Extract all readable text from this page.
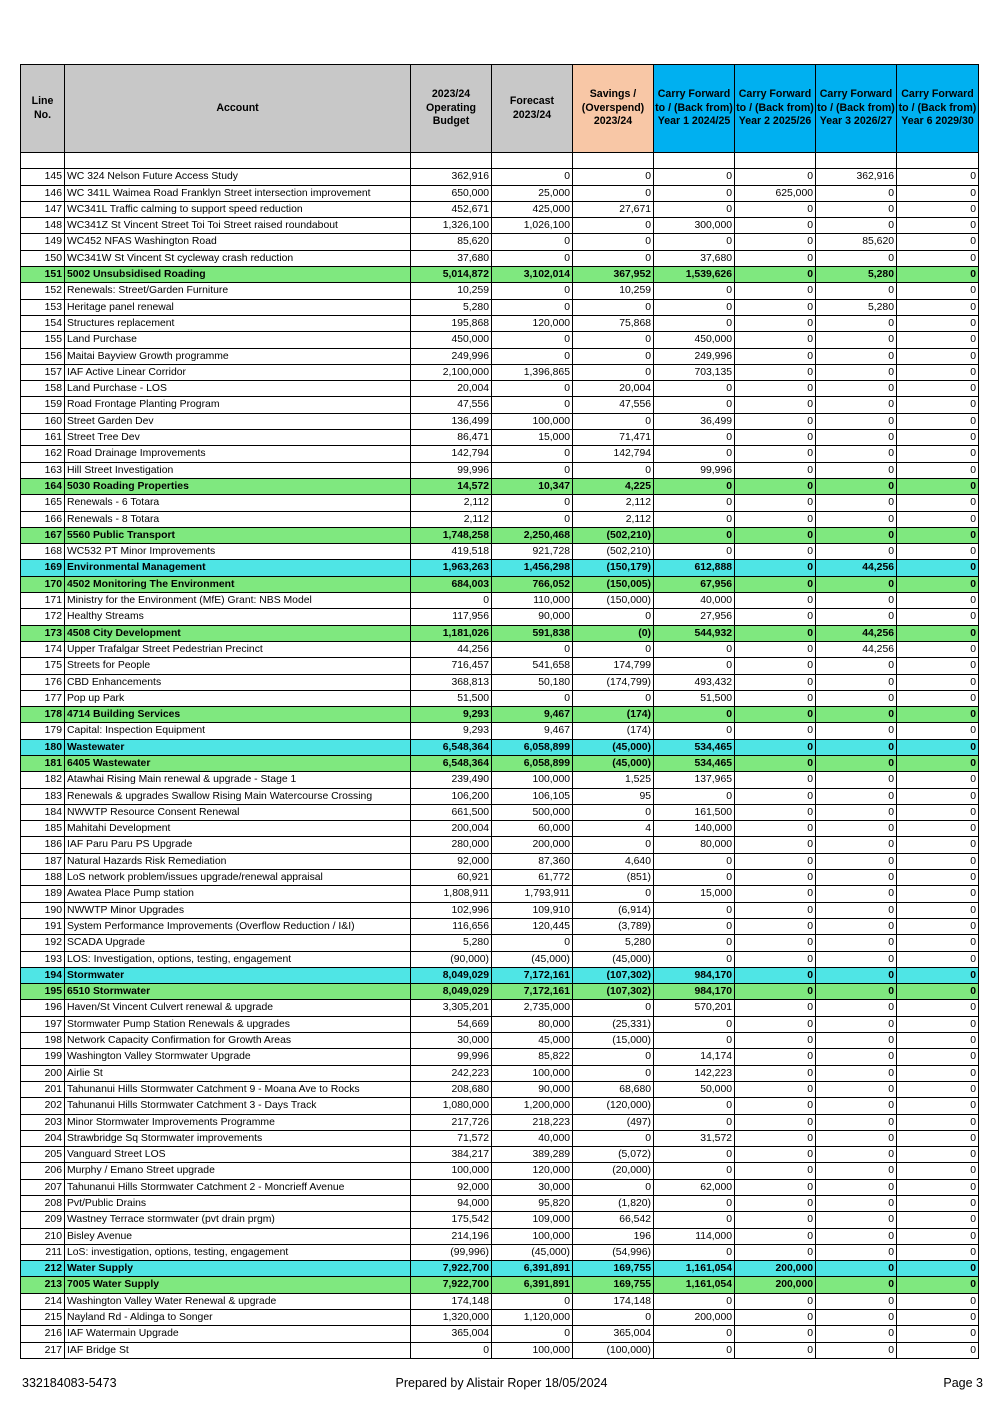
Line No.	Account	2023/24 Operating Budget	Forecast 2023/24	Savings / (Overspend) 2023/24	Carry Forward to / (Back from) Year 1 2024/25	Carry Forward to / (Back from) Year 2 2025/26	Carry Forward to / (Back from) Year 3 2026/27	Carry Forward to / (Back from) Year 6 2029/30

145	WC 324 Nelson Future Access Study	362,916	0	0	0	0	362,916	0
146	WC 341L Waimea Road Franklyn Street intersection improvement	650,000	25,000	0	0	625,000	0	0
147	WC341L Traffic calming to support speed reduction	452,671	425,000	27,671	0	0	0	0
148	WC341Z St Vincent Street Toi Toi Street raised roundabout	1,326,100	1,026,100	0	300,000	0	0	0
149	WC452 NFAS Washington Road	85,620	0	0	0	0	85,620	0
150	WC341W St Vincent St cycleway crash reduction	37,680	0	0	37,680	0	0	0
151	5002 Unsubsidised Roading	5,014,872	3,102,014	367,952	1,539,626	0	5,280	0
152	Renewals: Street/Garden Furniture	10,259	0	10,259	0	0	0	0
153	Heritage panel renewal	5,280	0	0	0	0	5,280	0
154	Structures replacement	195,868	120,000	75,868	0	0	0	0
155	Land Purchase	450,000	0	0	450,000	0	0	0
156	Maitai Bayview Growth programme	249,996	0	0	249,996	0	0	0
157	IAF Active Linear Corridor	2,100,000	1,396,865	0	703,135	0	0	0
158	Land Purchase - LOS	20,004	0	20,004	0	0	0	0
159	Road Frontage Planting Program	47,556	0	47,556	0	0	0	0
160	Street Garden Dev	136,499	100,000	0	36,499	0	0	0
161	Street Tree Dev	86,471	15,000	71,471	0	0	0	0
162	Road Drainage Improvements	142,794	0	142,794	0	0	0	0
163	Hill Street Investigation	99,996	0	0	99,996	0	0	0
164	5030 Roading Properties	14,572	10,347	4,225	0	0	0	0
165	Renewals - 6 Totara	2,112	0	2,112	0	0	0	0
166	Renewals - 8 Totara	2,112	0	2,112	0	0	0	0
167	5560 Public Transport	1,748,258	2,250,468	(502,210)	0	0	0	0
168	WC532 PT Minor Improvements	419,518	921,728	(502,210)	0	0	0	0
169	Environmental Management	1,963,263	1,456,298	(150,179)	612,888	0	44,256	0
170	4502 Monitoring The Environment	684,003	766,052	(150,005)	67,956	0	0	0
171	Ministry for the Environment (MfE) Grant: NBS Model	0	110,000	(150,000)	40,000	0	0	0
172	Healthy Streams	117,956	90,000	0	27,956	0	0	0
173	4508 City Development	1,181,026	591,838	(0)	544,932	0	44,256	0
174	Upper Trafalgar Street Pedestrian Precinct	44,256	0	0	0	0	44,256	0
175	Streets for People	716,457	541,658	174,799	0	0	0	0
176	CBD Enhancements	368,813	50,180	(174,799)	493,432	0	0	0
177	Pop up Park	51,500	0	0	51,500	0	0	0
178	4714 Building Services	9,293	9,467	(174)	0	0	0	0
179	Capital: Inspection Equipment	9,293	9,467	(174)	0	0	0	0
180	Wastewater	6,548,364	6,058,899	(45,000)	534,465	0	0	0
181	6405 Wastewater	6,548,364	6,058,899	(45,000)	534,465	0	0	0
182	Atawhai Rising Main renewal & upgrade - Stage 1	239,490	100,000	1,525	137,965	0	0	0
183	Renewals & upgrades Swallow Rising Main Watercourse Crossing	106,200	106,105	95	0	0	0	0
184	NWWTP Resource Consent Renewal	661,500	500,000	0	161,500	0	0	0
185	Mahitahi Development	200,004	60,000	4	140,000	0	0	0
186	IAF Paru Paru PS Upgrade	280,000	200,000	0	80,000	0	0	0
187	Natural Hazards Risk Remediation	92,000	87,360	4,640	0	0	0	0
188	LoS network problem/issues upgrade/renewal appraisal	60,921	61,772	(851)	0	0	0	0
189	Awatea Place Pump station	1,808,911	1,793,911	0	15,000	0	0	0
190	NWWTP Minor Upgrades	102,996	109,910	(6,914)	0	0	0	0
191	System Performance Improvements (Overflow Reduction / I&I)	116,656	120,445	(3,789)	0	0	0	0
192	SCADA Upgrade	5,280	0	5,280	0	0	0	0
193	LOS: Investigation, options, testing, engagement	(90,000)	(45,000)	(45,000)	0	0	0	0
194	Stormwater	8,049,029	7,172,161	(107,302)	984,170	0	0	0
195	6510 Stormwater	8,049,029	7,172,161	(107,302)	984,170	0	0	0
196	Haven/St Vincent Culvert renewal & upgrade	3,305,201	2,735,000	0	570,201	0	0	0
197	Stormwater Pump Station Renewals & upgrades	54,669	80,000	(25,331)	0	0	0	0
198	Network Capacity Confirmation for Growth Areas	30,000	45,000	(15,000)	0	0	0	0
199	Washington Valley Stormwater Upgrade	99,996	85,822	0	14,174	0	0	0
200	Airlie St	242,223	100,000	0	142,223	0	0	0
201	Tahunanui Hills Stormwater Catchment 9 - Moana Ave to Rocks	208,680	90,000	68,680	50,000	0	0	0
202	Tahunanui Hills Stormwater Catchment 3 - Days Track	1,080,000	1,200,000	(120,000)	0	0	0	0
203	Minor Stormwater Improvements Programme	217,726	218,223	(497)	0	0	0	0
204	Strawbridge Sq Stormwater improvements	71,572	40,000	0	31,572	0	0	0
205	Vanguard Street LOS	384,217	389,289	(5,072)	0	0	0	0
206	Murphy / Emano Street upgrade	100,000	120,000	(20,000)	0	0	0	0
207	Tahunanui Hills Stormwater Catchment 2 - Moncrieff Avenue	92,000	30,000	0	62,000	0	0	0
208	Pvt/Public Drains	94,000	95,820	(1,820)	0	0	0	0
209	Wastney Terrace stormwater (pvt drain prgm)	175,542	109,000	66,542	0	0	0	0
210	Bisley Avenue	214,196	100,000	196	114,000	0	0	0
211	LoS: investigation, options, testing, engagement	(99,996)	(45,000)	(54,996)	0	0	0	0
212	Water Supply	7,922,700	6,391,891	169,755	1,161,054	200,000	0	0
213	7005 Water Supply	7,922,700	6,391,891	169,755	1,161,054	200,000	0	0
214	Washington Valley Water Renewal & upgrade	174,148	0	174,148	0	0	0	0
215	Nayland Rd - Aldinga to Songer	1,320,000	1,120,000	0	200,000	0	0	0
216	IAF Watermain Upgrade	365,004	0	365,004	0	0	0	0
217	IAF Bridge St	0	100,000	(100,000)	0	0	0	0
332184083-5473	Prepared by Alistair Roper 18/05/2024	Page 3
